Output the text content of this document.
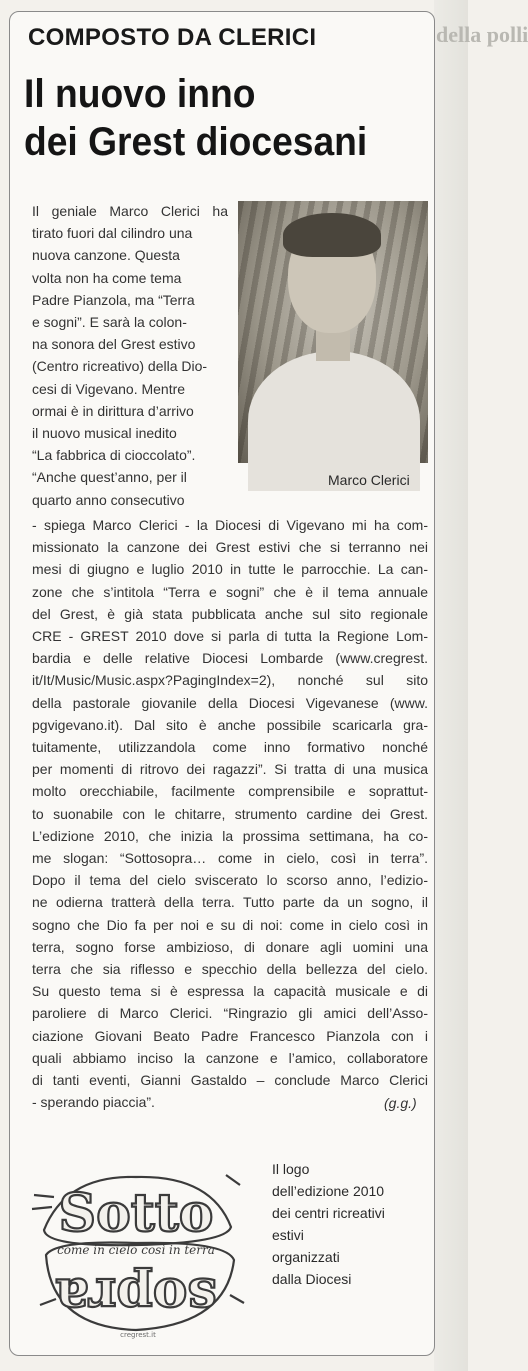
della polli
COMPOSTO DA CLERICI
Il nuovo inno
dei Grest diocesani
Il geniale Marco Clerici ha
tirato fuori dal cilindro una
nuova canzone. Questa
volta non ha come tema
Padre Pianzola, ma “Terra
e sogni”. E sarà la colon-
na sonora del Grest estivo
(Centro ricreativo) della Dio-
cesi di Vigevano. Mentre
ormai è in dirittura d’arrivo
il nuovo musical inedito
“La fabbrica di cioccolato”.
“Anche quest’anno, per il
quarto anno consecutivo
Marco Clerici
- spiega Marco Clerici - la Diocesi di Vigevano mi ha com-
missionato la canzone dei Grest estivi che si terranno nei
mesi di giugno e luglio 2010 in tutte le parrocchie. La can-
zone che s’intitola “Terra e sogni” che è il tema annuale
del Grest, è già stata pubblicata anche sul sito regionale
CRE - GREST 2010 dove si parla di tutta la Regione Lom-
bardia e delle relative Diocesi Lombarde (www.cregrest.
it/It/Music/Music.aspx?PagingIndex=2), nonché sul sito
della pastorale giovanile della Diocesi Vigevanese (www.
pgvigevano.it). Dal sito è anche possibile scaricarla gra-
tuitamente, utilizzandola come inno formativo nonché
per momenti di ritrovo dei ragazzi”. Si tratta di una musica
molto orecchiabile, facilmente comprensibile e soprattut-
to suonabile con le chitarre, strumento cardine dei Grest.
L’edizione 2010, che inizia la prossima settimana, ha co-
me slogan: “Sottosopra… come in cielo, così in terra”.
Dopo il tema del cielo sviscerato lo scorso anno, l’edizio-
ne odierna tratterà della terra. Tutto parte da un sogno, il
sogno che Dio fa per noi e su di noi: come in cielo così in
terra, sogno forse ambizioso, di donare agli uomini una
terra che sia riflesso e specchio della bellezza del cielo.
Su questo tema si è espressa la capacità musicale e di
paroliere di Marco Clerici. “Ringrazio gli amici dell’Asso-
ciazione Giovani Beato Padre Francesco Pianzola con i
quali abbiamo inciso la canzone e l’amico, collaboratore
di tanti eventi, Gianni Gastaldo – conclude Marco Clerici
- sperando piaccia”.	(g.g.)
Sotto
come in cielo così in terra
sopra
cregrest.it
Il logo
dell’edizione 2010
dei centri ricreativi
estivi
organizzati
dalla Diocesi
